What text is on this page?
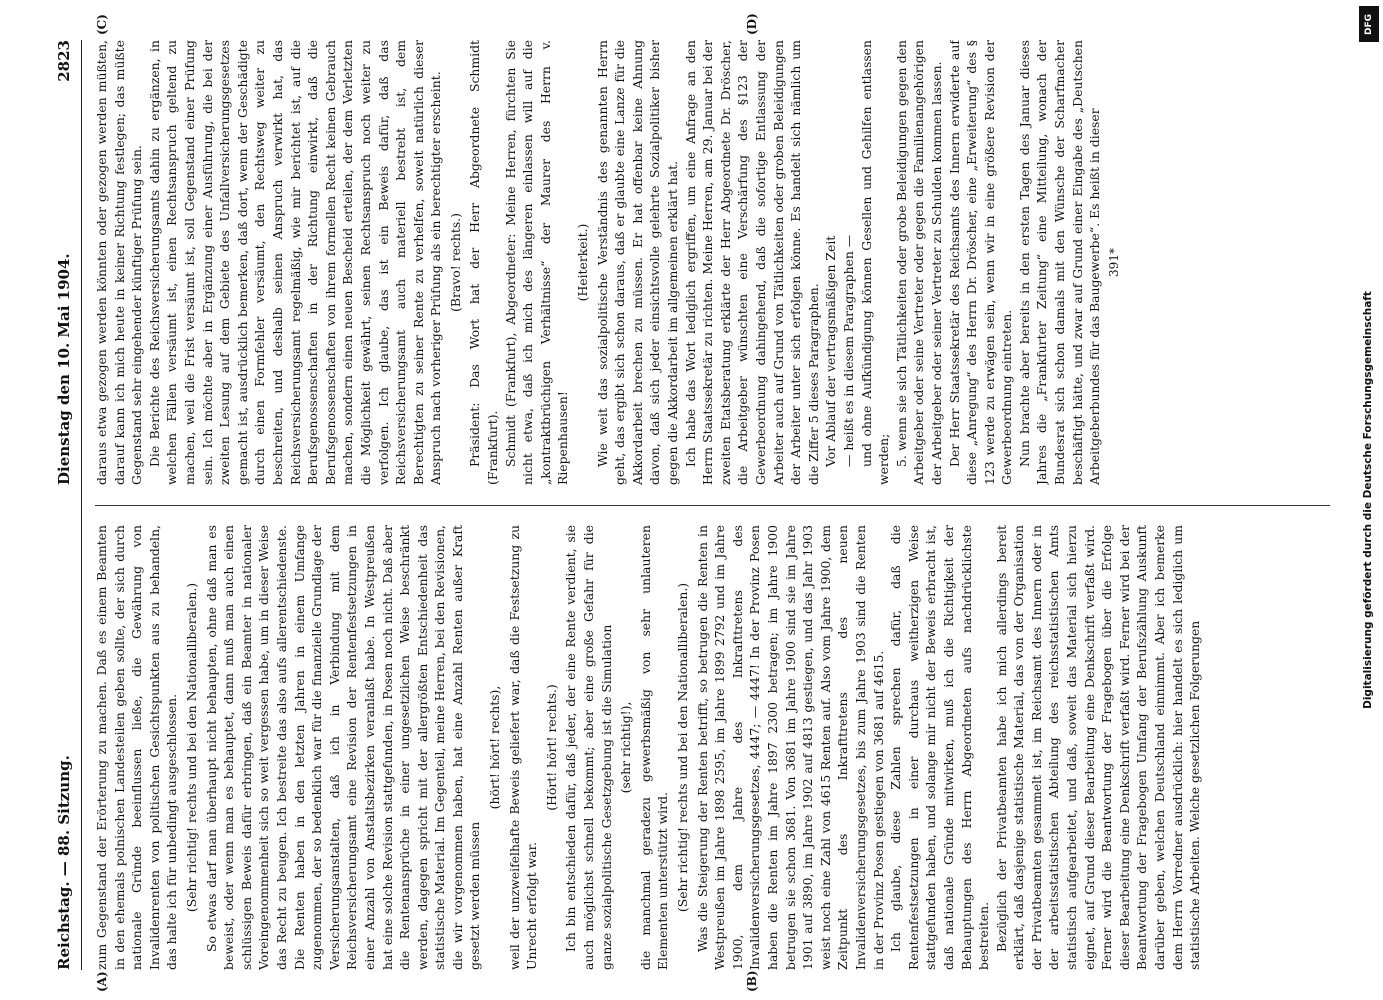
Reichstag. — 88. Sitzung.
Dienstag den 10. Mai 1904.
2823
(A)	(B)
(C)	(D)

zum Gegenstand der Erörterung zu machen. Daß es einem Beamten in den ehemals polnischen Landesteilen geben sollte, der sich durch nationale Gründe beeinflussen ließe, die Gewährung von Invalidenrenten von politischen Gesichtspunkten aus zu behandeln, das halte ich für unbedingt ausgeschlossen. (Sehr richtig! rechts und bei den Nationalliberalen.) So etwas darf man überhaupt nicht behaupten, ohne daß man es beweist, oder wenn man es behauptet, dann muß man auch einen schlüssigen Beweis dafür erbringen, daß ein Beamter in nationaler Voreingenommenheit sich so weit vergessen habe, um in dieser Weise das Recht zu beugen. Ich bestreite das also aufs allerentschiedenste. Die Renten haben in den letzten Jahren in einem Umfange zugenommen, der so bedenklich war für die finanzielle Grundlage der Versicherungsanstalten, daß ich in Verbindung mit dem Reichsversicherungsamt eine Revision der Rentenfestsetzungen in einer Anzahl von Anstaltsbezirken veranlaßt habe. In Westpreußen hat eine solche Revision stattgefunden, in Posen noch nicht. Daß aber die Rentenansprüche in einer ungesetzlichen Weise beschränkt werden, dagegen spricht mit der allergrößten Entschiedenheit das statistische Material. Im Gegenteil, meine Herren, bei den Revisionen, die wir vorgenommen haben, hat eine Anzahl Renten außer Kraft gesetzt werden müssen

(hört! hört! rechts), weil der unzweifelhafte Beweis geliefert war, daß die Festsetzung zu Unrecht erfolgt war.

(Hört! hört! rechts.) Ich bin entschieden dafür, daß jeder, der eine Rente verdient, sie auch möglichst schnell bekommt; aber eine große Gefahr für die ganze sozialpolitische Gesetzgebung ist die Simulation (sehr richtig!), die manchmal geradezu gewerbsmäßig von sehr unlauteren Elementen unterstützt wird. (Sehr richtig! rechts und bei den Nationalliberalen.) Was die Steigerung der Renten betrifft, so betrugen die Renten in Westpreußen im Jahre 1898 2595, im Jahre 1899 2792 und im Jahre 1900, dem Jahre des Inkrafttretens des Invalidenversicherungsgesetzes, 4447; — 4447! In der Provinz Posen haben die Renten im Jahre 1897 2300 betragen; im Jahre 1900 betrugen sie schon 3681. Von 3681 im Jahre 1900 sind sie im Jahre 1901 auf 3890, im Jahre 1902 auf 4813 gestiegen, und das Jahr 1903 weist noch eine Zahl von 4615 Renten auf. Also vom Jahre 1900, dem Zeitpunkt des Inkrafttretens des neuen Invalidenversicherungsgesetzes, bis zum Jahre 1903 sind die Renten in der Provinz Posen gestiegen von 3681 auf 4615. Ich glaube, diese Zahlen sprechen dafür, daß die Rentenfestsetzungen in einer durchaus weitherzigen Weise stattgefunden haben, und solange mir nicht der Beweis erbracht ist, daß nationale Gründe mitwirken, muß ich die Richtigkeit der Behauptungen des Herrn Abgeordneten aufs nachdrücklichste bestreiten. Bezüglich der Privatbeamten habe ich mich allerdings bereit erklärt, daß dasjenige statistische Material, das von der Organisation der Privatbeamten gesammelt ist, im Reichsamt des Innern oder in der arbeitsstatistischen Abteilung des reichsstatistischen Amts statistisch aufgearbeitet, und daß, soweit das Material sich hierzu eignet, auf Grund dieser Bearbeitung eine Denkschrift verfaßt wird. Ferner wird die Beantwortung der Fragebogen über die Erfolge dieser Bearbeitung eine Denkschrift verfaßt wird. Ferner wird bei der Beantwortung der Fragebogen Umfang der Berufszählung Auskunft darüber geben, welchen Deutschland einnimmt. Aber ich bemerke dem Herrn Vorredner ausdrücklich: hier handelt es sich lediglich um statistische Arbeiten. Welche gesetzlichen Folgerungen

daraus etwa gezogen werden könnten oder gezogen werden müßten, darauf kann ich mich heute in keiner Richtung festlegen; das müßte Gegenstand sehr eingehender künftiger Prüfung sein. Die Berichte des Reichsversicherungsamts dahin zu ergänzen, in welchen Fällen versäumt ist, einen Rechtsanspruch geltend zu machen, weil die Frist versäumt ist, soll Gegenstand einer Prüfung sein. Ich möchte aber in Ergänzung einer Ausführung, die bei der zweiten Lesung auf dem Gebiete des Unfallversicherungsgesetzes gemacht ist, ausdrücklich bemerken, daß dort, wenn der Geschädigte durch einen Formfehler versäumt, den Rechtsweg weiter zu beschreiten, und deshalb seinen Anspruch verwirkt hat, das Reichsversicherungsamt regelmäßig, wie mir berichtet ist, auf die Berufsgenossenschaften in der Richtung einwirkt, daß die Berufsgenossenschaften von ihrem formellen Recht keinen Gebrauch machen, sondern einen neuen Bescheid erteilen, der dem Verletzten die Möglichkeit gewährt, seinen Rechtsanspruch noch weiter zu verfolgen. Ich glaube, das ist ein Beweis dafür, daß das Reichsversicherungsamt auch materiell bestrebt ist, dem Berechtigten zu seiner Rente zu verhelfen, soweit natürlich dieser Anspruch nach vorheriger Prüfung als ein berechtigter erscheint. (Bravo! rechts.) Präsident: Das Wort hat der Herr Abgeordnete Schmidt (Frankfurt). Schmidt (Frankfurt), Abgeordneter: Meine Herren, fürchten Sie nicht etwa, daß ich mich des längeren einlassen will auf die „kontraktbrüchigen Verhältnisse“ der Maurer des Herrn v. Riepenhausen!

(Heiterkeit.) Wie weit das sozialpolitische Verständnis des genannten Herrn geht, das ergibt sich schon daraus, daß er glaubte eine Lanze für die Akkordarbeit brechen zu müssen. Er hat offenbar keine Ahnung davon, daß sich jeder einsichtsvolle gelehrte Sozialpolitiker bisher gegen die Akkordarbeit im allgemeinen erklärt hat. Ich habe das Wort lediglich ergriffen, um eine Anfrage an den Herrn Staatssekretär zu richten. Meine Herren, am 29. Januar bei der zweiten Etatsberatung erklärte der Herr Abgeordnete Dr. Dröscher, die Arbeitgeber wünschten eine Verschärfung des §123 der Gewerbeordnung dahingehend, daß die sofortige Entlassung der Arbeiter auch auf Grund von Tätlichkeiten oder groben Beleidigungen der Arbeiter unter sich erfolgen könne. Es handelt sich nämlich um die Ziffer 5 dieses Paragraphen. Vor Ablauf der vertragsmäßigen Zeit — heißt es in diesem Paragraphen — und ohne Aufkündigung können Gesellen und Gehilfen entlassen werden; 5. wenn sie sich Tätlichkeiten oder grobe Beleidigungen gegen den Arbeitgeber oder seine Vertreter oder gegen die Familienangehörigen der Arbeitgeber oder seiner Vertreter zu Schulden kommen lassen. Der Herr Staatssekretär des Reichsamts des Innern erwiderte auf diese „Anregung“ des Herrn Dr. Dröscher, eine „Erweiterung“ des § 123 werde zu erwägen sein, wenn wir in eine größere Revision der Gewerbeordnung eintreten. Nun brachte aber bereits in den ersten Tagen des Januar dieses Jahres die „Frankfurter Zeitung“ eine Mitteilung, wonach der Bundesrat sich schon damals mit den Wünsche der Scharfmacher beschäftigt hätte, und zwar auf Grund einer Eingabe des „Deutschen Arbeitgeberbundes für das Baugewerbe“. Es heißt in dieser 391*

DFG
Digitalisierung gefördert durch die Deutsche Forschungsgemeinschaft
